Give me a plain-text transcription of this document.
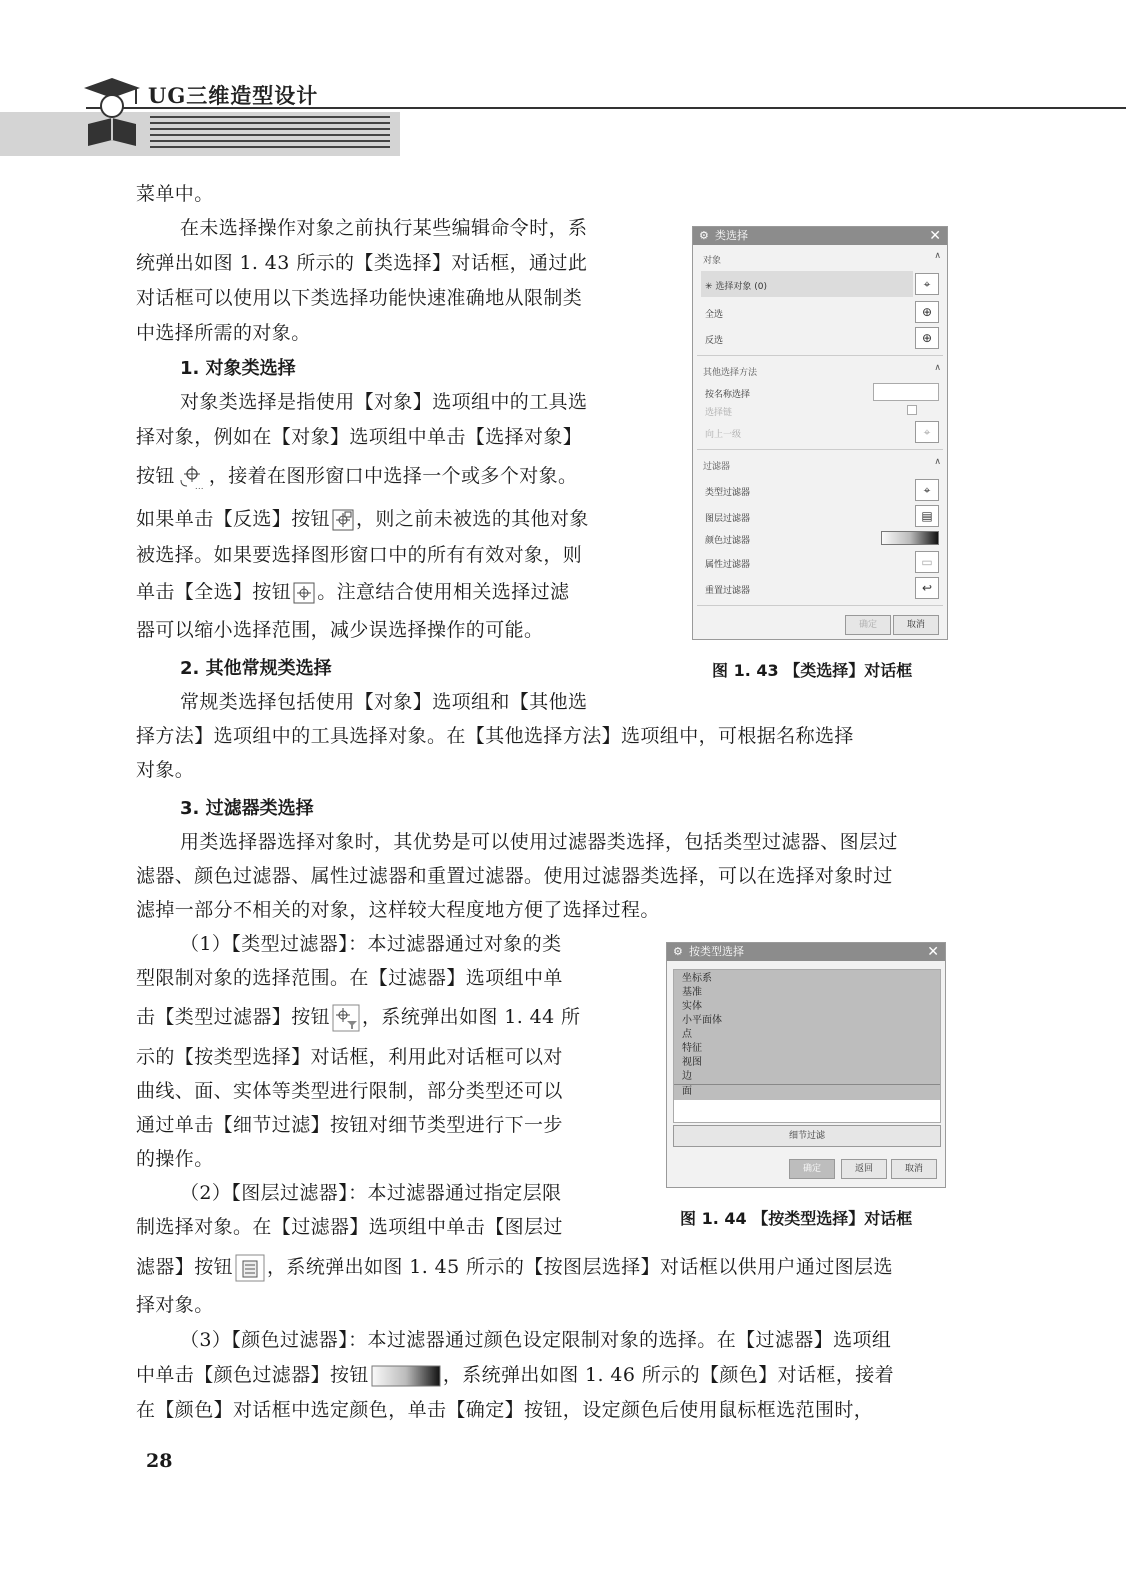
UG三维造型设计
菜单中。
在未选择操作对象之前执行某些编辑命令时，系
统弹出如图 1. 43 所示的【类选择】对话框，通过此
对话框可以使用以下类选择功能快速准确地从限制类
中选择所需的对象。
1. 对象类选择
对象类选择是指使用【对象】选项组中的工具选
择对象，例如在【对象】选项组中单击【选择对象】
按钮	... ，接着在图形窗口中选择一个或多个对象。
如果单击【反选】按钮 ，则之前未被选的其他对象
被选择。如果要选择图形窗口中的所有有效对象，则
单击【全选】按钮 。注意结合使用相关选择过滤
器可以缩小选择范围，减少误选择操作的可能。
2. 其他常规类选择
常规类选择包括使用【对象】选项组和【其他选
择方法】选项组中的工具选择对象。在【其他选择方法】选项组中，可根据名称选择
对象。
3. 过滤器类选择
用类选择器选择对象时，其优势是可以使用过滤器类选择，包括类型过滤器、图层过
滤器、颜色过滤器、属性过滤器和重置过滤器。使用过滤器类选择，可以在选择对象时过
滤掉一部分不相关的对象，这样较大程度地方便了选择过程。
（1）【类型过滤器】：本过滤器通过对象的类
型限制对象的选择范围。在【过滤器】选项组中单
击【类型过滤器】按钮 ，系统弹出如图 1. 44 所
示的【按类型选择】对话框，利用此对话框可以对
曲线、面、实体等类型进行限制，部分类型还可以
通过单击【细节过滤】按钮对细节类型进行下一步
的操作。
（2）【图层过滤器】：本过滤器通过指定层限
制选择对象。在【过滤器】选项组中单击【图层过
滤器】按钮 ，系统弹出如图 1. 45 所示的【按图层选择】对话框以供用户通过图层选
择对象。
（3）【颜色过滤器】：本过滤器通过颜色设定限制对象的选择。在【过滤器】选项组
中单击【颜色过滤器】按钮	，系统弹出如图 1. 46 所示的【颜色】对话框，接着
在【颜色】对话框中选定颜色，单击【确定】按钮，设定颜色后使用鼠标框选范围时，
28
⚙ 类选择	✕
对象	∧
✳ 选择对象 (0)	⌖
全选	⊕
反选	⊕
其他选择方法	∧
按名称选择
选择链
向上一级	⌖
过滤器	∧
类型过滤器	⌖
图层过滤器	▤
颜色过滤器
属性过滤器	▭
重置过滤器	↩
确定	取消
图 1. 43 【类选择】对话框
⚙ 按类型选择	✕
坐标系
基准
实体
小平面体
点
特征
视图
边
面
细节过滤
确定	返回	取消
图 1. 44 【按类型选择】对话框
